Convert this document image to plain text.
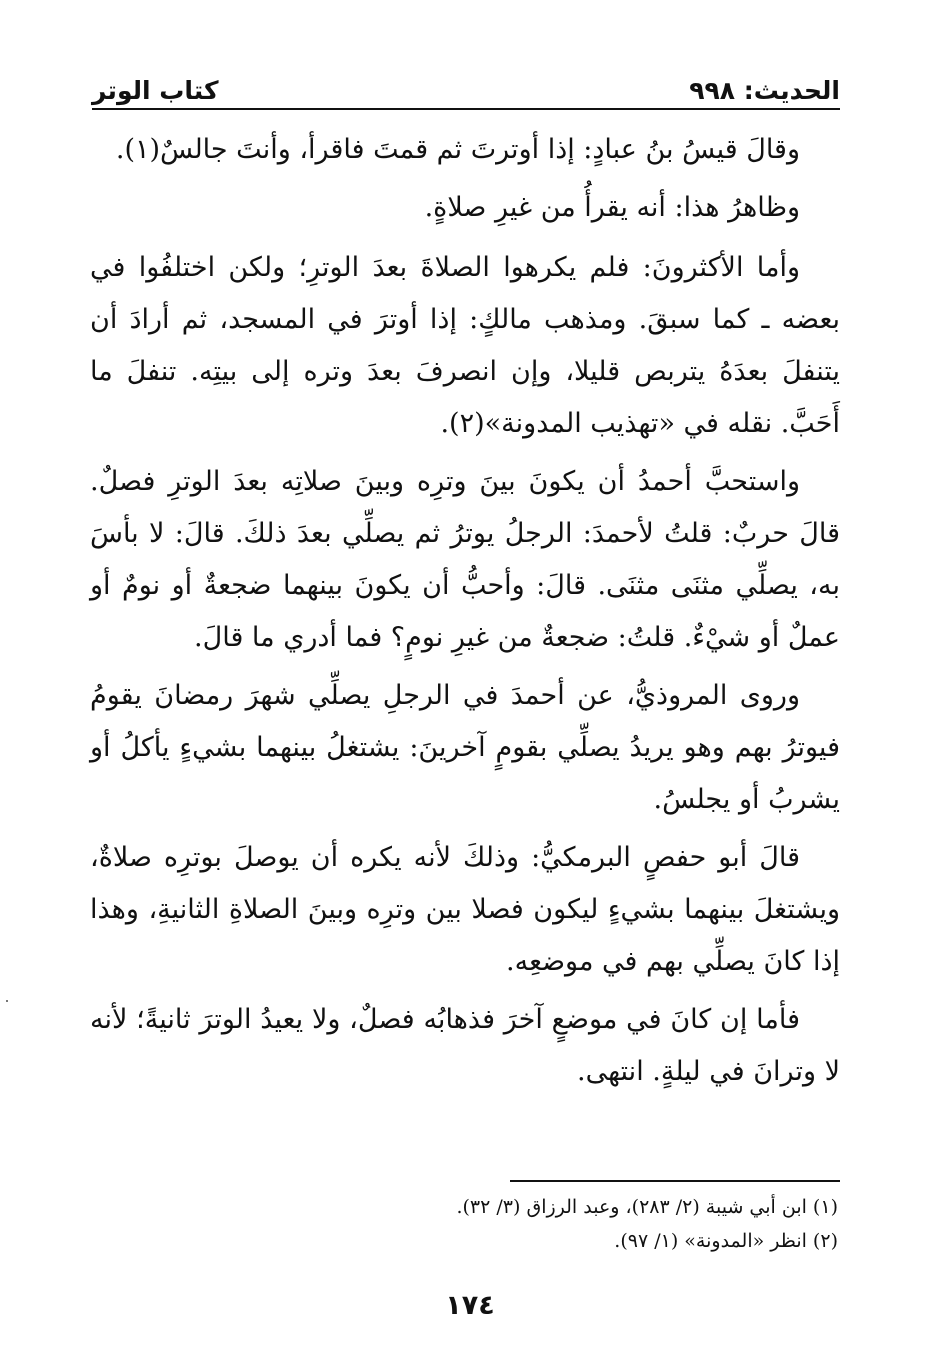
الحديث: ٩٩٨
كتاب الوتر

وقالَ قيسُ بنُ عبادٍ: إذا أوترتَ ثم قمتَ فاقرأ، وأنتَ جالسٌ(١).

وظاهرُ هذا: أنه يقرأُ من غيرِ صلاةٍ.

وأما الأكثرونَ: فلم يكرهوا الصلاةَ بعدَ الوترِ؛ ولكن اختلفُوا في بعضه ـ كما سبقَ. ومذهب مالكٍ: إذا أوترَ في المسجد، ثم أرادَ أن يتنفلَ بعدَهُ يتربص قليلا، وإن انصرفَ بعدَ وتره إلى بيتِه. تنفلَ ما أَحَبَّ. نقله في «تهذيب المدونة»(٢).

واستحبَّ أحمدُ أن يكونَ بينَ وترِه وبينَ صلاتِه بعدَ الوترِ فصلٌ. قالَ حربٌ: قلتُ لأحمدَ: الرجلُ يوترُ ثم يصلِّي بعدَ ذلكَ. قالَ: لا بأسَ به، يصلِّي مثنَى مثنَى. قالَ: وأحبُّ أن يكونَ بينهما ضجعةٌ أو نومٌ أو عملٌ أو شيْءٌ. قلتُ: ضجعةٌ من غيرِ نومٍ؟ فما أدري ما قالَ.

وروى المروذيُّ، عن أحمدَ في الرجلِ يصلِّي شهرَ رمضانَ يقومُ فيوترُ بهم وهو يريدُ يصلِّي بقومٍ آخرينَ: يشتغلُ بينهما بشيءٍ يأكلُ أو يشربُ أو يجلسُ.

قالَ أبو حفصٍ البرمكيُّ: وذلكَ لأنه يكره أن يوصلَ بوترِه صلاةٌ، ويشتغلَ بينهما بشيءٍ ليكون فصلا بين وترِه وبينَ الصلاةِ الثانيةِ، وهذا إذا كانَ يصلِّي بهم في موضعِه.

فأما إن كانَ في موضعٍ آخرَ فذهابُه فصلٌ، ولا يعيدُ الوترَ ثانيةً؛ لأنه لا وترانَ في ليلةٍ. انتهى.

(١) ابن أبي شيبة (٢/ ٢٨٣)، وعبد الرزاق (٣/ ٣٢).

(٢) انظر «المدونة» (١/ ٩٧).

١٧٤
